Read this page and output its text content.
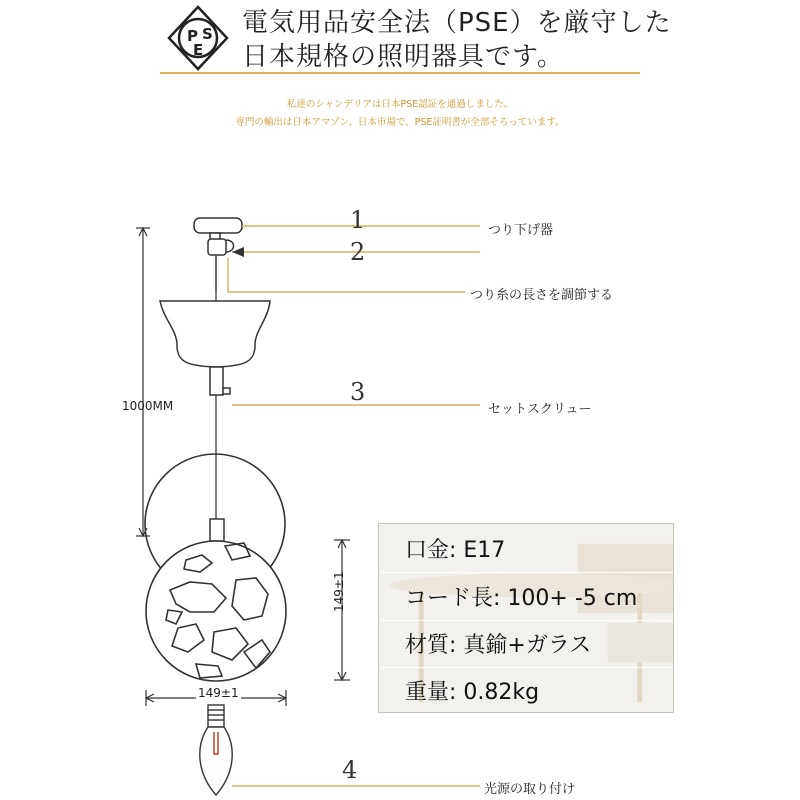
P S
E
電気用品安全法（PSE）を厳守した
日本規格の照明器具です。
私達のシャンデリアは日本PSE認証を通過しました。
専門の輸出は日本アマゾン、日本市場で、PSE証明書が全部そろっています。
1	つり下げ器
2
つり糸の長さを調節する
3
セットスクリュー
4
光源の取り付け
1000MM
149±1
149±1
口金: E17
コード長: 100+ -5 cm
材質: 真鍮+ガラス
重量: 0.82kg
